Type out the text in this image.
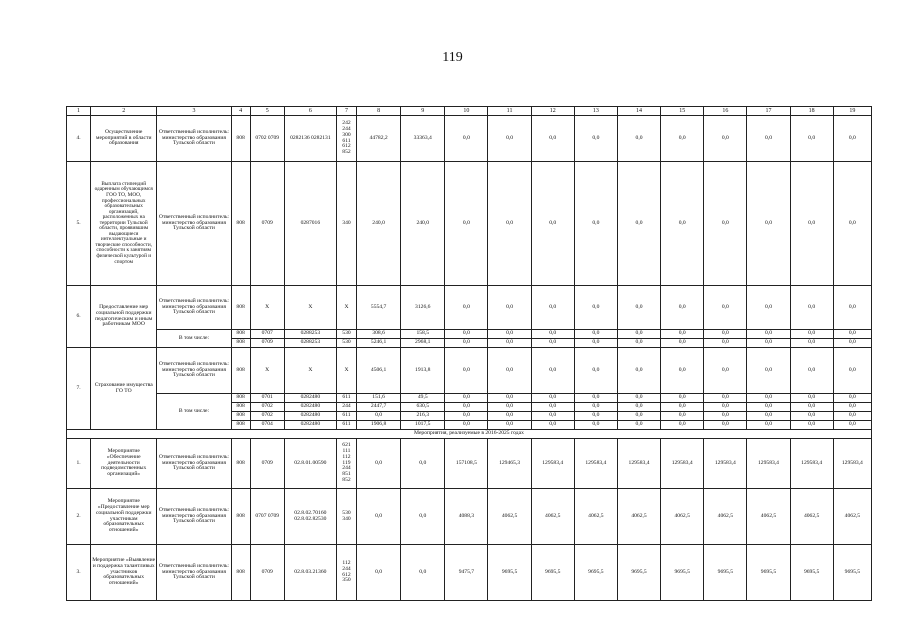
119
1	2	3	4	5	6	7	8	9	10	11	12	13	14	15	16	17	18	19
4.	Осуществление мероприятий в области образования	Ответственный исполнитель: министерство образования Тульской области	808	0702 0709	0282136 0282131	242 244 300 611 612 852	44782,2	33363,4	0,0	0,0	0,0	0,0	0,0	0,0	0,0	0,0	0,0	0,0
5.	Выплата стипендий одаренным обучающимся ГОО ТО, МОО, профессиональных образовательных организаций, расположенных на территории Тульской области, проявившим выдающиеся интеллектуальные и творческие способности, способности к занятиям физической культурой и спортом	Ответственный исполнитель: министерство образования Тульской области	808	0709	0287016	340	240,0	240,0	0,0	0,0	0,0	0,0	0,0	0,0	0,0	0,0	0,0	0,0
6.	Предоставление мер социальной поддержки педагогическим и иным работникам МОО	Ответственный исполнитель: министерство образования Тульской области	808	X	X	X	5554,7	3126,6	0,0	0,0	0,0	0,0	0,0	0,0	0,0	0,0	0,0	0,0
		В том числе:	808	0707	0288253	530	308,6	158,5	0,0	0,0	0,0	0,0	0,0	0,0	0,0	0,0	0,0	0,0
			808	0709	0288253	530	5246,1	2968,1	0,0	0,0	0,0	0,0	0,0	0,0	0,0	0,0	0,0	0,0
7.	Страхование имущества ГО ТО	Ответственный исполнитель: министерство образования Тульской области	808	X	X	X	4506,1	1913,8	0,0	0,0	0,0	0,0	0,0	0,0	0,0	0,0	0,0	0,0
		В том числе:	808	0701	0282480	611	151,6	49,5	0,0	0,0	0,0	0,0	0,0	0,0	0,0	0,0	0,0	0,0
			808	0702	0282480	244	2447,7	630,5	0,0	0,0	0,0	0,0	0,0	0,0	0,0	0,0	0,0	0,0
			808	0702	0282480	611	0,0	216,3	0,0	0,0	0,0	0,0	0,0	0,0	0,0	0,0	0,0	0,0
			808	0704	0282480	611	1906,8	1017,5	0,0	0,0	0,0	0,0	0,0	0,0	0,0	0,0	0,0	0,0
Мероприятия, реализуемые в 2016-2025 годах																		
1.	Мероприятие «Обеспечение деятельности подведомственных организаций»	Ответственный исполнитель: министерство образования Тульской области	808	0709	02.8.01.00590	621 111 112 119 244 851 852	0,0	0,0	157108,5	129465,3	129583,4	129583,4	129583,4	129583,4	129583,4	129583,4	129583,4	129583,4
2.	Мероприятие «Предоставление мер социальной поддержки участникам образовательных отношений»	Ответственный исполнитель: министерство образования Тульской области	808	0707 0709	02.8.02.70160 02.8.02.82530	530 340	0,0	0,0	4088,3	4062,5	4062,5	4062,5	4062,5	4062,5	4062,5	4062,5	4062,5	4062,5
3.	Мероприятие «Выявление и поддержка талантливых участников образовательных отношений»	Ответственный исполнитель: министерство образования Тульской области	808	0709	02.8.03.21360	112 244 612 350	0,0	0,0	9475,7	9695,5	9695,5	9695,5	9695,5	9695,5	9695,5	9695,5	9695,5	9695,5
